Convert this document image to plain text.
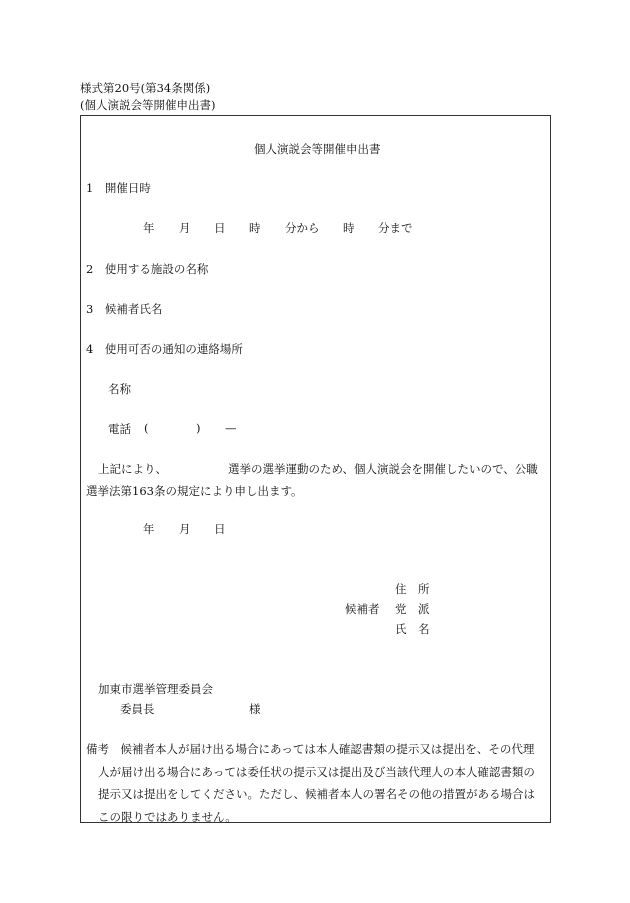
様式第20号(第34条関係)
(個人演説会等開催申出書)
個人演説会等開催申出書
1　開催日時
年 月 日 時 分から 時 分まで
2　使用する施設の名称
3　候補者氏名
4　使用可否の通知の連絡場所
名称
電話 (	) —
上記により、	選挙の選挙運動のため、個人演説会を開催したいので、公職
選挙法第163条の規定により申し出ます。
年 月 日
住　所
候補者 党　派
氏　名
加東市選挙管理委員会
委員長	様
備考　候補者本人が届け出る場合にあっては本人確認書類の提示又は提出を、その代理
人が届け出る場合にあっては委任状の提示又は提出及び当該代理人の本人確認書類の
提示又は提出をしてください。ただし、候補者本人の署名その他の措置がある場合は
この限りではありません。
